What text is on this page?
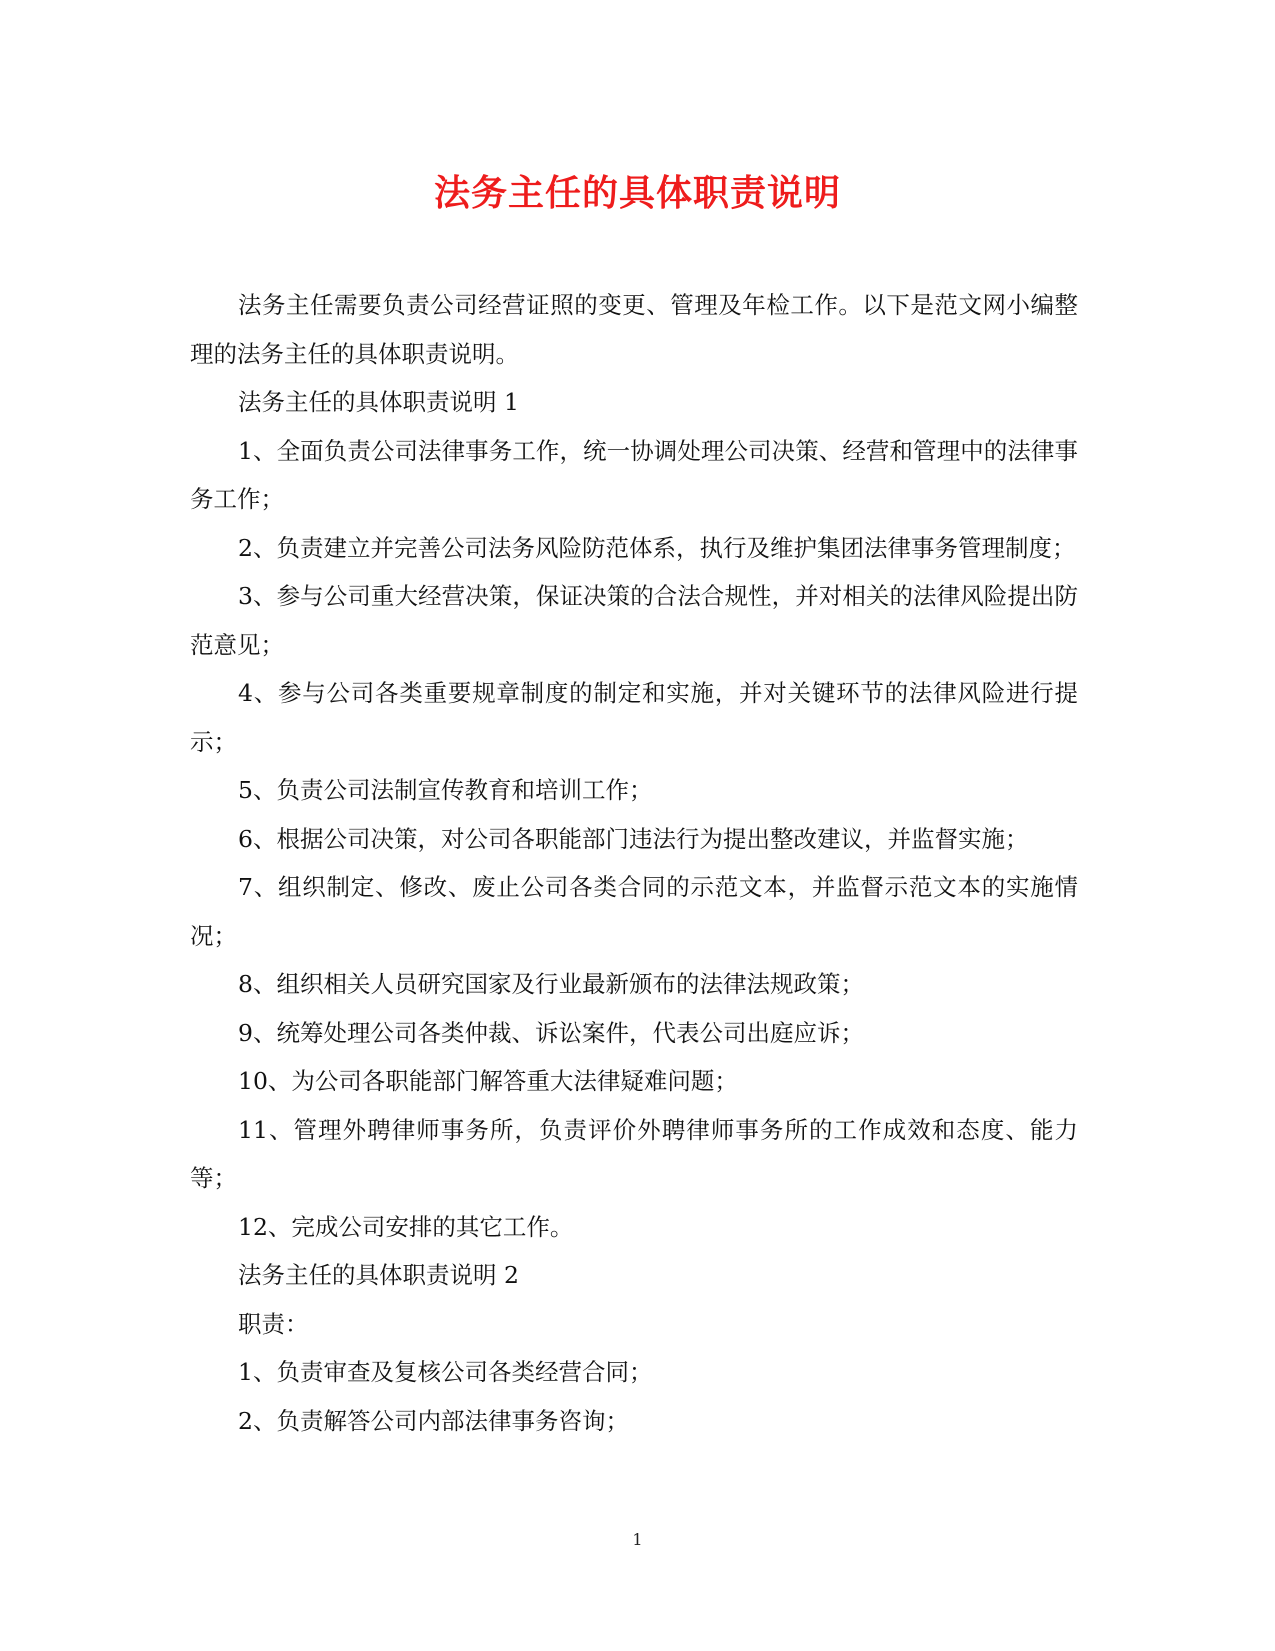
法务主任的具体职责说明

法务主任需要负责公司经营证照的变更、管理及年检工作。以下是范文网小编整理的法务主任的具体职责说明。

法务主任的具体职责说明 1

1、全面负责公司法律事务工作，统一协调处理公司决策、经营和管理中的法律事务工作；

2、负责建立并完善公司法务风险防范体系，执行及维护集团法律事务管理制度；

3、参与公司重大经营决策，保证决策的合法合规性，并对相关的法律风险提出防范意见；

4、参与公司各类重要规章制度的制定和实施，并对关键环节的法律风险进行提示；

5、负责公司法制宣传教育和培训工作；

6、根据公司决策，对公司各职能部门违法行为提出整改建议，并监督实施；

7、组织制定、修改、废止公司各类合同的示范文本，并监督示范文本的实施情况；

8、组织相关人员研究国家及行业最新颁布的法律法规政策；

9、统筹处理公司各类仲裁、诉讼案件，代表公司出庭应诉；

10、为公司各职能部门解答重大法律疑难问题；

11、管理外聘律师事务所，负责评价外聘律师事务所的工作成效和态度、能力等；

12、完成公司安排的其它工作。

法务主任的具体职责说明 2

职责：

1、负责审查及复核公司各类经营合同；

2、负责解答公司内部法律事务咨询；

1
